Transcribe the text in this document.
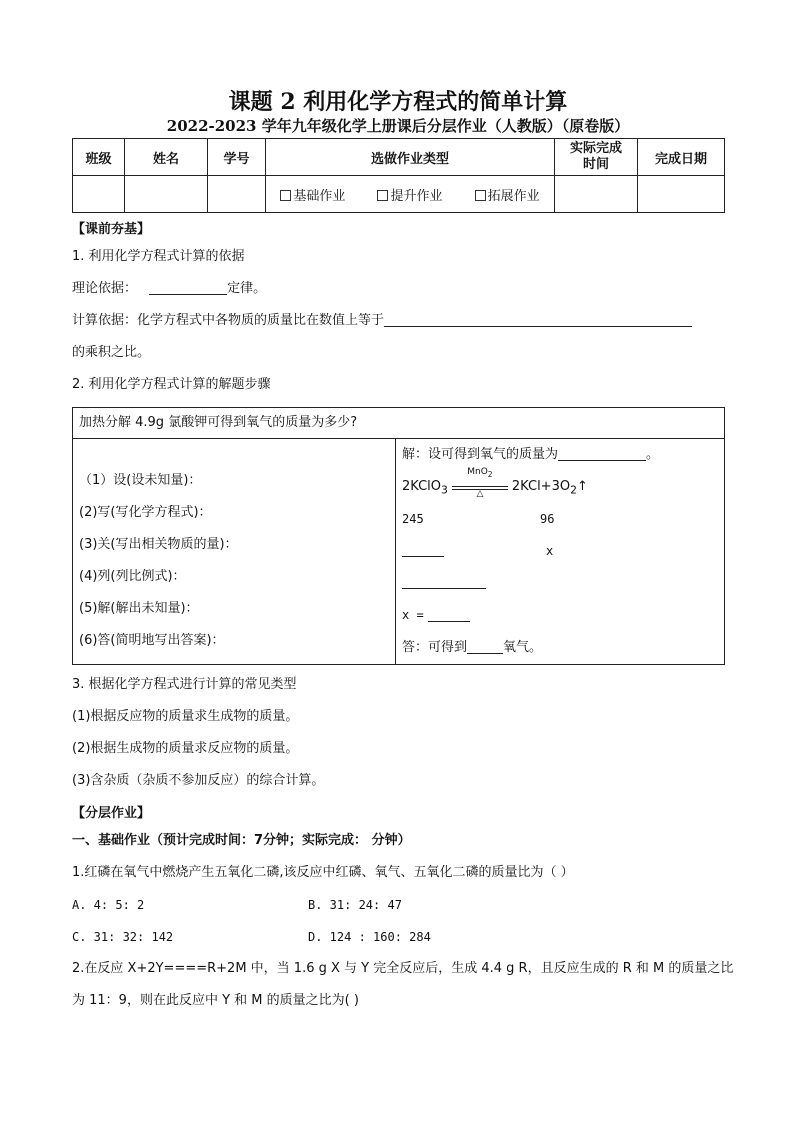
课题 2 利用化学方程式的简单计算
2022-2023 学年九年级化学上册课后分层作业（人教版）（原卷版）
班级	姓名	学号	选做作业类型	实际完成
时间	完成日期
			基础作业 提升作业 拓展作业		
【课前夯基】
1. 利用化学方程式计算的依据
理论依据：	定律。
计算依据：化学方程式中各物质的质量比在数值上等于
的乘积之比。
2. 利用化学方程式计算的解题步骤
加热分解 4.9g 氯酸钾可得到氧气的质量为多少?

（1）设(设未知量)：
(2)写(写化学方程式)：
(3)关(写出相关物质的量)：
(4)列(列比例式)：
(5)解(解出未知量)：
(6)答(简明地写出答案)：

解：设可得到氧气的质量为	。
2KClO$_3$
MnO$_2$
△	$2KCl+3O_2↑$
245	96
x
x =
答：可得到	氧气。
3. 根据化学方程式进行计算的常见类型
(1)根据反应物的质量求生成物的质量。
(2)根据生成物的质量求反应物的质量。
(3)含杂质（杂质不参加反应）的综合计算。
【分层作业】
一、基础作业（预计完成时间：7分钟；实际完成： 分钟）
1.红磷在氧气中燃烧产生五氧化二磷,该反应中红磷、氧气、五氧化二磷的质量比为（ ）
A. 4: 5: 2	B. 31: 24: 47
C. 31: 32: 142	D. 124 : 160: 284
2.在反应 X+2Y====R+2M 中，当 1.6 g X 与 Y 完全反应后，生成 4.4 g R，且反应生成的 R 和 M 的质量之比
为 11：9，则在此反应中 Y 和 M 的质量之比为( )
